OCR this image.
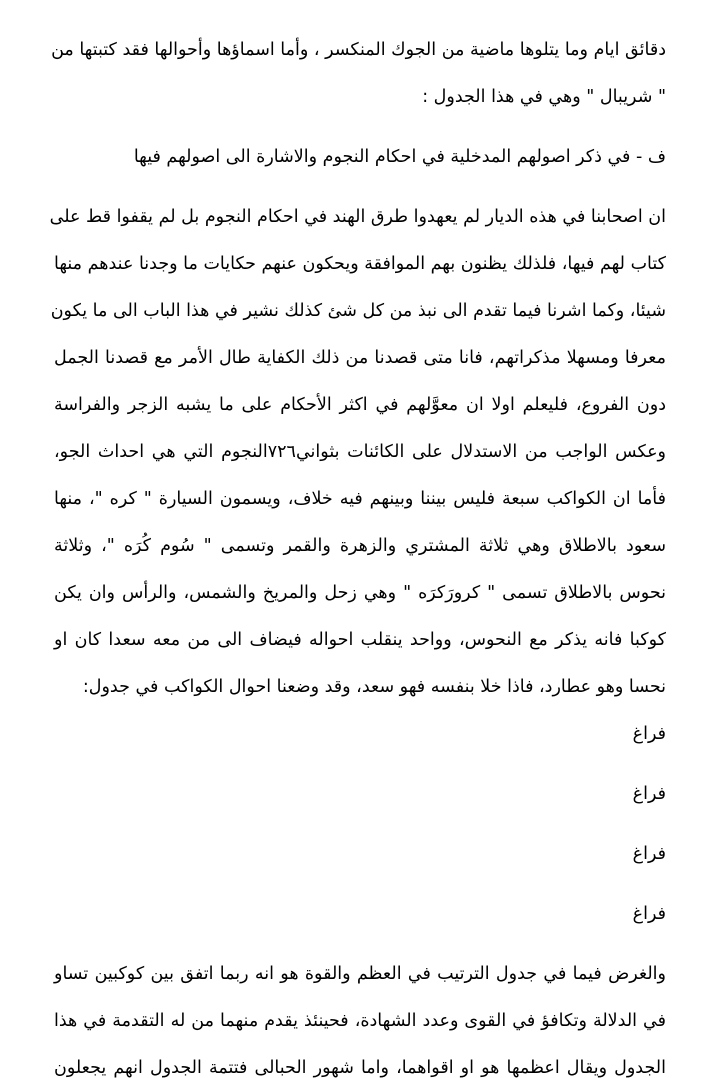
دقائق ايام وما يتلوها ماضية من الجوك المنكسر ، وأما اسماؤها وأحوالها فقد كتبتها من
" شريبال " وهي في هذا الجدول :
ف - في ذكر اصولهم المدخلية في احكام النجوم والاشارة الى اصولهم فيها
ان اصحابنا في هذه الديار لم يعهدوا طرق الهند في احكام النجوم بل لم يقفوا قط على
كتاب لهم فيها، فلذلك يظنون بهم الموافقة ويحكون عنهم حكايات ما وجدنا عندهم منها
شيئا، وكما اشرنا فيما تقدم الى نبذ من كل شئ كذلك نشير في هذا الباب الى ما يكون
معرفا ومسهلا مذكراتهم، فانا متى قصدنا من ذلك الكفاية طال الأمر مع قصدنا الجمل
دون الفروع، فليعلم اولا ان معوَّلهم في اكثر الأحكام على ما يشبه الزجر والفراسة
وعكس الواجب من الاستدلال على الكائنات بثواني٧٢٦النجوم التي هي احداث الجو،
فأما ان الكواكب سبعة فليس بيننا وبينهم فيه خلاف، ويسمون السيارة " كره "، منها
سعود بالاطلاق وهي ثلاثة المشتري والزهرة والقمر وتسمى " سُوم كُرَه "، وثلاثة
نحوس بالاطلاق تسمى " كرورَكرَه " وهي زحل والمريخ والشمس، والرأس وان يكن
كوكبا فانه يذكر مع النحوس، وواحد ينقلب احواله فيضاف الى من معه سعدا كان او
نحسا وهو عطارد، فاذا خلا بنفسه فهو سعد، وقد وضعنا احوال الكواكب في جدول:
فراغ
فراغ
فراغ
فراغ
والغرض فيما في جدول الترتيب في العظم والقوة هو انه ربما اتفق بين كوكبين تساو
في الدلالة وتكافؤ في القوى وعدد الشهادة، فحينئذ يقدم منهما من له التقدمة في هذا
الجدول ويقال اعظمها هو او اقواهما، واما شهور الحبالى فتتمة الجدول انهم يجعلون
